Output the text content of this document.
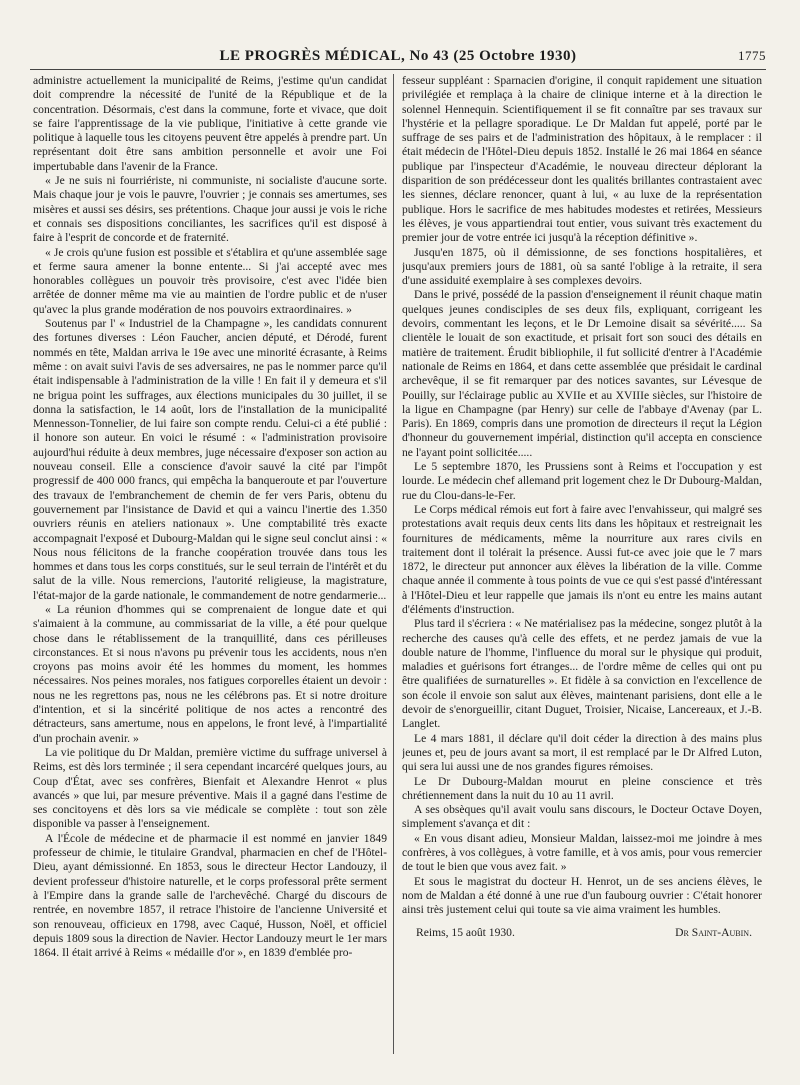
LE PROGRÈS MÉDICAL, No 43 (25 Octobre 1930)	1775

administre actuellement la municipalité de Reims, j'estime qu'un candidat doit comprendre la nécessité de l'unité de la République et de la concentration. Désormais, c'est dans la commune, forte et vivace, que doit se faire l'apprentissage de la vie publique, l'initiative à cette grande vie politique à laquelle tous les citoyens peuvent être appelés à prendre part. Un représentant doit être sans ambition personnelle et avoir une Foi impertubable dans l'avenir de la France.

« Je ne suis ni fourriériste, ni communiste, ni socialiste d'aucune sorte. Mais chaque jour je vois le pauvre, l'ouvrier ; je connais ses amertumes, ses misères et aussi ses désirs, ses prétentions. Chaque jour aussi je vois le riche et connais ses dispositions conciliantes, les sacrifices qu'il est disposé à faire à l'esprit de concorde et de fraternité.

« Je crois qu'une fusion est possible et s'établira et qu'une assemblée sage et ferme saura amener la bonne entente... Si j'ai accepté avec mes honorables collègues un pouvoir très provisoire, c'est avec l'idée bien arrêtée de donner même ma vie au maintien de l'ordre public et de n'user qu'avec la plus grande modération de nos pouvoirs extraordinaires. »

Soutenus par l' « Industriel de la Champagne », les candidats connurent des fortunes diverses : Léon Faucher, ancien député, et Dérodé, furent nommés en tête, Maldan arriva le 19e avec une minorité écrasante, à Reims même : on avait suivi l'avis de ses adversaires, ne pas le nommer parce qu'il était indispensable à l'administration de la ville ! En fait il y demeura et s'il ne brigua point les suffrages, aux élections municipales du 30 juillet, il se donna la satisfaction, le 14 août, lors de l'installation de la municipalité Mennesson-Tonnelier, de lui faire son compte rendu. Celui-ci a été publié : il honore son auteur. En voici le résumé : « l'administration provisoire aujourd'hui réduite à deux membres, juge nécessaire d'exposer son action au nouveau conseil. Elle a conscience d'avoir sauvé la cité par l'impôt progressif de 400 000 francs, qui empêcha la banqueroute et par l'ouverture des travaux de l'embranchement de chemin de fer vers Paris, obtenu du gouvernement par l'insistance de David et qui a vaincu l'inertie des 1.350 ouvriers réunis en ateliers nationaux ». Une comptabilité très exacte accompagnait l'exposé et Dubourg-Maldan qui le signe seul conclut ainsi : « Nous nous félicitons de la franche coopération trouvée dans tous les hommes et dans tous les corps constitués, sur le seul terrain de l'intérêt et du salut de la ville. Nous remercions, l'autorité religieuse, la magistrature, l'état-major de la garde nationale, le commandement de notre gendarmerie...

« La réunion d'hommes qui se comprenaient de longue date et qui s'aimaient à la commune, au commissariat de la ville, a été pour quelque chose dans le rétablissement de la tranquillité, dans ces périlleuses circonstances. Et si nous n'avons pu prévenir tous les accidents, nous n'en croyons pas moins avoir été les hommes du moment, les hommes nécessaires. Nos peines morales, nos fatigues corporelles étaient un devoir : nous ne les regrettons pas, nous ne les célébrons pas. Et si notre droiture d'intention, et si la sincérité politique de nos actes a rencontré des détracteurs, sans amertume, nous en appelons, le front levé, à l'impartialité d'un prochain avenir. »

La vie politique du Dr Maldan, première victime du suffrage universel à Reims, est dès lors terminée ; il sera cependant incarcéré quelques jours, au Coup d'État, avec ses confrères, Bienfait et Alexandre Henrot « plus avancés » que lui, par mesure préventive. Mais il a gagné dans l'estime de ses concitoyens et dès lors sa vie médicale se complète : tout son zèle disponible va passer à l'enseignement.

A l'École de médecine et de pharmacie il est nommé en janvier 1849 professeur de chimie, le titulaire Grandval, pharmacien en chef de l'Hôtel-Dieu, ayant démissionné. En 1853, sous le directeur Hector Landouzy, il devient professeur d'histoire naturelle, et le corps professoral prête serment à l'Empire dans la grande salle de l'archevêché. Chargé du discours de rentrée, en novembre 1857, il retrace l'histoire de l'ancienne Université et son renouveau, officieux en 1798, avec Caqué, Husson, Noël, et officiel depuis 1809 sous la direction de Navier. Hector Landouzy meurt le 1er mars 1864. Il était arrivé à Reims « médaille d'or », en 1839 d'emblée pro-

fesseur suppléant : Sparnacien d'origine, il conquit rapidement une situation privilégiée et remplaça à la chaire de clinique interne et à la direction le solennel Hennequin. Scientifiquement il se fit connaître par ses travaux sur l'hystérie et la pellagre sporadique. Le Dr Maldan fut appelé, porté par le suffrage de ses pairs et de l'administration des hôpitaux, à le remplacer : il était médecin de l'Hôtel-Dieu depuis 1852. Installé le 26 mai 1864 en séance publique par l'inspecteur d'Académie, le nouveau directeur déplorant la disparition de son prédécesseur dont les qualités brillantes contrastaient avec les siennes, déclare renoncer, quant à lui, « au luxe de la représentation publique. Hors le sacrifice de mes habitudes modestes et retirées, Messieurs les élèves, je vous appartiendrai tout entier, vous suivant très exactement du premier jour de votre entrée ici jusqu'à la réception définitive ».

Jusqu'en 1875, où il démissionne, de ses fonctions hospitalières, et jusqu'aux premiers jours de 1881, où sa santé l'oblige à la retraite, il sera d'une assiduité exemplaire à ses complexes devoirs.

Dans le privé, possédé de la passion d'enseignement il réunit chaque matin quelques jeunes condisciples de ses deux fils, expliquant, corrigeant les devoirs, commentant les leçons, et le Dr Lemoine disait sa sévérité..... Sa clientèle le louait de son exactitude, et prisait fort son souci des détails en matière de traitement. Érudit bibliophile, il fut sollicité d'entrer à l'Académie nationale de Reims en 1864, et dans cette assemblée que présidait le cardinal archevêque, il se fit remarquer par des notices savantes, sur Lévesque de Pouilly, sur l'éclairage public au XVIIe et au XVIIIe siècles, sur l'histoire de la ligue en Champagne (par Henry) sur celle de l'abbaye d'Avenay (par L. Paris). En 1869, compris dans une promotion de directeurs il reçut la Légion d'honneur du gouvernement impérial, distinction qu'il accepta en conscience ne l'ayant point sollicitée.....

Le 5 septembre 1870, les Prussiens sont à Reims et l'occupation y est lourde. Le médecin chef allemand prit logement chez le Dr Dubourg-Maldan, rue du Clou-dans-le-Fer.

Le Corps médical rémois eut fort à faire avec l'envahisseur, qui malgré ses protestations avait requis deux cents lits dans les hôpitaux et restreignait les fournitures de médicaments, même la nourriture aux rares civils en traitement dont il tolérait la présence. Aussi fut-ce avec joie que le 7 mars 1872, le directeur put annoncer aux élèves la libération de la ville. Comme chaque année il commente à tous points de vue ce qui s'est passé d'intéressant à l'Hôtel-Dieu et leur rappelle que jamais ils n'ont eu entre les mains autant d'éléments d'instruction.

Plus tard il s'écriera : « Ne matérialisez pas la médecine, songez plutôt à la recherche des causes qu'à celle des effets, et ne perdez jamais de vue la double nature de l'homme, l'influence du moral sur le physique qui produit, maladies et guérisons fort étranges... de l'ordre même de celles qui ont pu être qualifiées de surnaturelles ». Et fidèle à sa conviction en l'excellence de son école il envoie son salut aux élèves, maintenant parisiens, dont elle a le devoir de s'enorgueillir, citant Duguet, Troisier, Nicaise, Lancereaux, et J.-B. Langlet.

Le 4 mars 1881, il déclare qu'il doit céder la direction à des mains plus jeunes et, peu de jours avant sa mort, il est remplacé par le Dr Alfred Luton, qui sera lui aussi une de nos grandes figures rémoises.

Le Dr Dubourg-Maldan mourut en pleine conscience et très chrétiennement dans la nuit du 10 au 11 avril.

A ses obsèques qu'il avait voulu sans discours, le Docteur Octave Doyen, simplement s'avança et dit :

« En vous disant adieu, Monsieur Maldan, laissez-moi me joindre à mes confrères, à vos collègues, à votre famille, et à vos amis, pour vous remercier de tout le bien que vous avez fait. »

Et sous le magistrat du docteur H. Henrot, un de ses anciens élèves, le nom de Maldan a été donné à une rue d'un faubourg ouvrier : C'était honorer ainsi très justement celui qui toute sa vie aima vraiment les humbles.

Reims, 15 août 1930.	Dr Saint-Aubin.
